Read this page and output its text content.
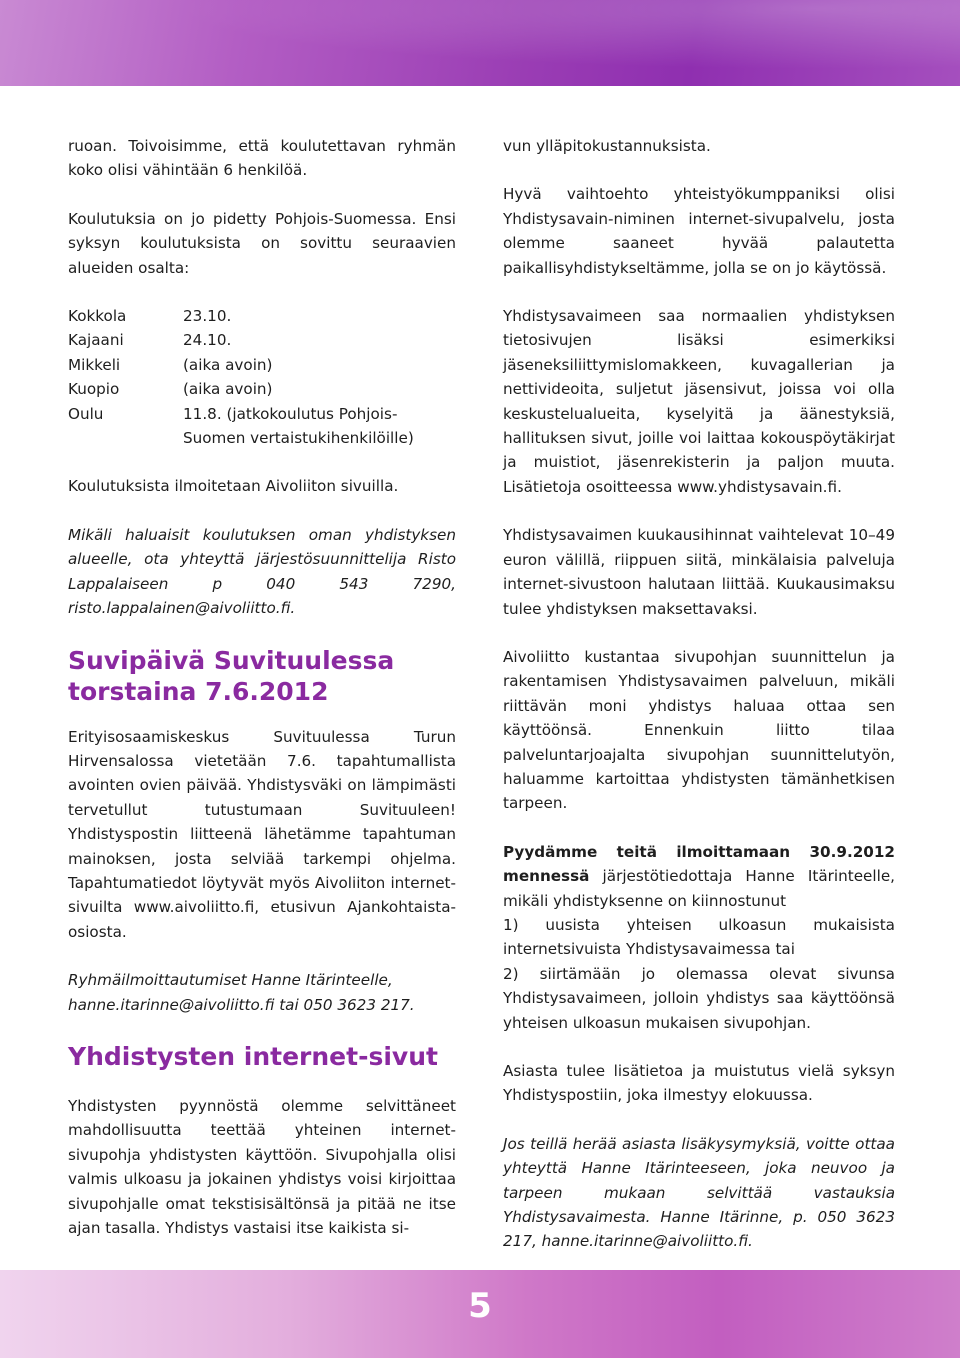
ruoan. Toivoisimme, että koulutettavan ryhmän koko olisi vähintään 6 henkilöä.

Koulutuksia on jo pidetty Pohjois-Suomessa. Ensi syksyn koulutuksista on sovittu seuraavien alueiden osalta:

Kokkola	23.10.
Kajaani	24.10.
Mikkeli	(aika avoin)
Kuopio	(aika avoin)
Oulu	11.8. (jatkokoulutus Pohjois-Suomen vertaistukihenkilöille)

Koulutuksista ilmoitetaan Aivoliiton sivuilla.

Mikäli haluaisit koulutuksen oman yhdistyksen alueelle, ota yhteyttä järjestösuunnittelija Risto Lappalaiseen p 040 543 7290, risto.lappalainen@aivoliitto.fi.

Suvipäivä Suvituulessa
torstaina 7.6.2012

Erityisosaamiskeskus Suvituulessa Turun Hirvensalossa vietetään 7.6. tapahtumallista avointen ovien päivää. Yhdistysväki on lämpimästi tervetullut tutustumaan Suvituuleen! Yhdistyspostin liitteenä lähetämme tapahtuman mainoksen, josta selviää tarkempi ohjelma. Tapahtumatiedot löytyvät myös Aivoliiton internet-sivuilta www.aivoliitto.fi, etusivun Ajankohtaista-osiosta.

Ryhmäilmoittautumiset Hanne Itärinteelle, hanne.itarinne@aivoliitto.fi tai 050 3623 217.

Yhdistysten internet-sivut

Yhdistysten pyynnöstä olemme selvittäneet mahdollisuutta teettää yhteinen internet-sivupohja yhdistysten käyttöön. Sivupohjalla olisi valmis ulkoasu ja jokainen yhdistys voisi kirjoittaa sivupohjalle omat tekstisisältönsä ja pitää ne itse ajan tasalla. Yhdistys vastaisi itse kaikista si-

vun ylläpitokustannuksista.

Hyvä vaihtoehto yhteistyökumppaniksi olisi Yhdistysavain-niminen internet-sivupalvelu, josta olemme saaneet hyvää palautetta paikallisyhdistykseltämme, jolla se on jo käytössä.

Yhdistysavaimeen saa normaalien yhdistyksen tietosivujen lisäksi esimerkiksi jäseneksiliittymislomakkeen, kuvagallerian ja nettivideoita, suljetut jäsensivut, joissa voi olla keskustelualueita, kyselyitä ja äänestyksiä, hallituksen sivut, joille voi laittaa kokouspöytäkirjat ja muistiot, jäsenrekisterin ja paljon muuta. Lisätietoja osoitteessa www.yhdistysavain.fi.

Yhdistysavaimen kuukausihinnat vaihtelevat 10–49 euron välillä, riippuen siitä, minkälaisia palveluja internet-sivustoon halutaan liittää. Kuukausimaksu tulee yhdistyksen maksettavaksi.

Aivoliitto kustantaa sivupohjan suunnittelun ja rakentamisen Yhdistysavaimen palveluun, mikäli riittävän moni yhdistys haluaa ottaa sen käyttöönsä. Ennenkuin liitto tilaa palveluntarjoajalta sivupohjan suunnittelutyön, haluamme kartoittaa yhdistysten tämänhetkisen tarpeen.

Pyydämme teitä ilmoittamaan 30.9.2012 mennessä järjestötiedottaja Hanne Itärinteelle, mikäli yhdistyksenne on kiinnostunut
1) uusista yhteisen ulkoasun mukaisista internetsivuista Yhdistysavaimessa tai
2) siirtämään jo olemassa olevat sivunsa Yhdistysavaimeen, jolloin yhdistys saa käyttöönsä yhteisen ulkoasun mukaisen sivupohjan.

Asiasta tulee lisätietoa ja muistutus vielä syksyn Yhdistyspostiin, joka ilmestyy elokuussa.

Jos teillä herää asiasta lisäkysymyksiä, voitte ottaa yhteyttä Hanne Itärinteeseen, joka neuvoo ja tarpeen mukaan selvittää vastauksia Yhdistysavaimesta. Hanne Itärinne, p. 050 3623 217, hanne.itarinne@aivoliitto.fi.

5
